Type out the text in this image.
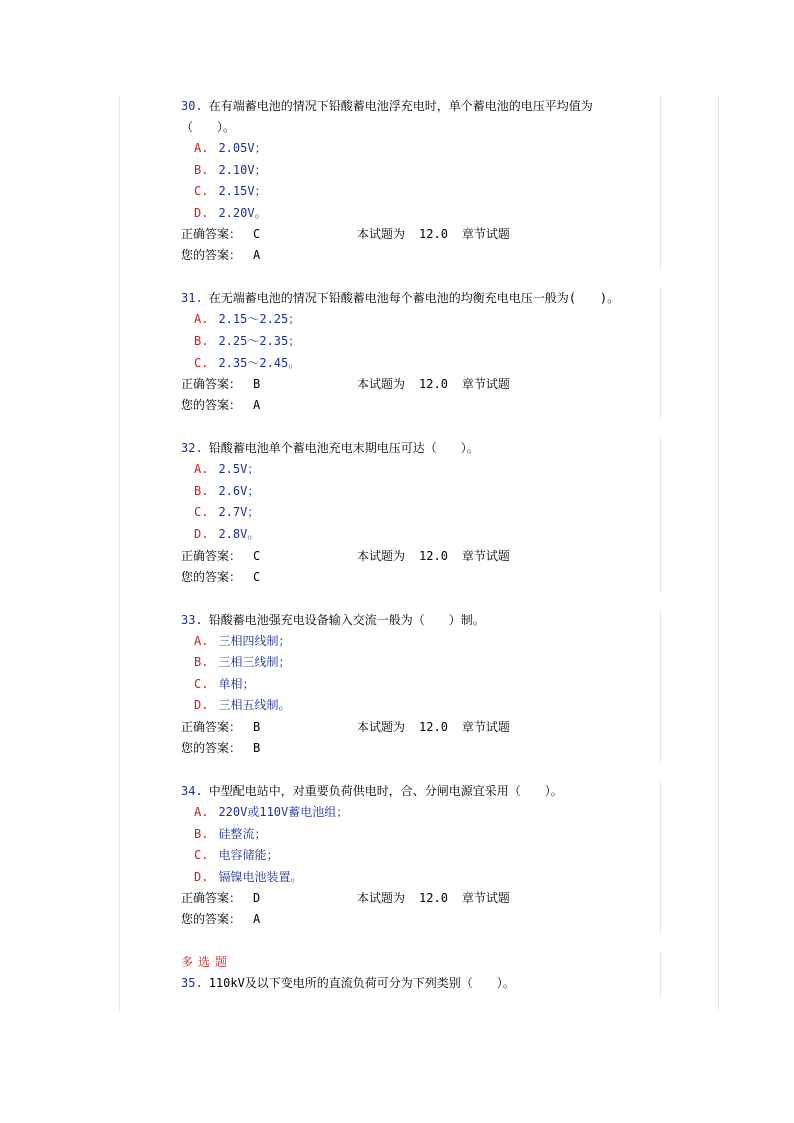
30. 在有端蓄电池的情况下铅酸蓄电池浮充电时，单个蓄电池的电压平均值为
（　　）。
A. 2.05V；
B. 2.10V；
C. 2.15V；
D. 2.20V。
正确答案： C	本试题为 12.0 章节试题
您的答案： A
31. 在无端蓄电池的情况下铅酸蓄电池每个蓄电池的均衡充电电压一般为(　　)。
A. 2.15～2.25；
B. 2.25～2.35；
C. 2.35～2.45。
正确答案： B	本试题为 12.0 章节试题
您的答案： A
32. 铅酸蓄电池单个蓄电池充电末期电压可达（　　）。
A. 2.5V；
B. 2.6V；
C. 2.7V；
D. 2.8V。
正确答案： C	本试题为 12.0 章节试题
您的答案： C
33. 铅酸蓄电池强充电设备输入交流一般为（　　）制。
A. 三相四线制；
B. 三相三线制；
C. 单相；
D. 三相五线制。
正确答案： B	本试题为 12.0 章节试题
您的答案： B
34. 中型配电站中，对重要负荷供电时，合、分闸电源宜采用（　　）。
A. 220V或110V蓄电池组；
B. 硅整流；
C. 电容储能；
D. 镉镍电池装置。
正确答案： D	本试题为 12.0 章节试题
您的答案： A
多选题
35. 110kV及以下变电所的直流负荷可分为下列类别（　　）。
